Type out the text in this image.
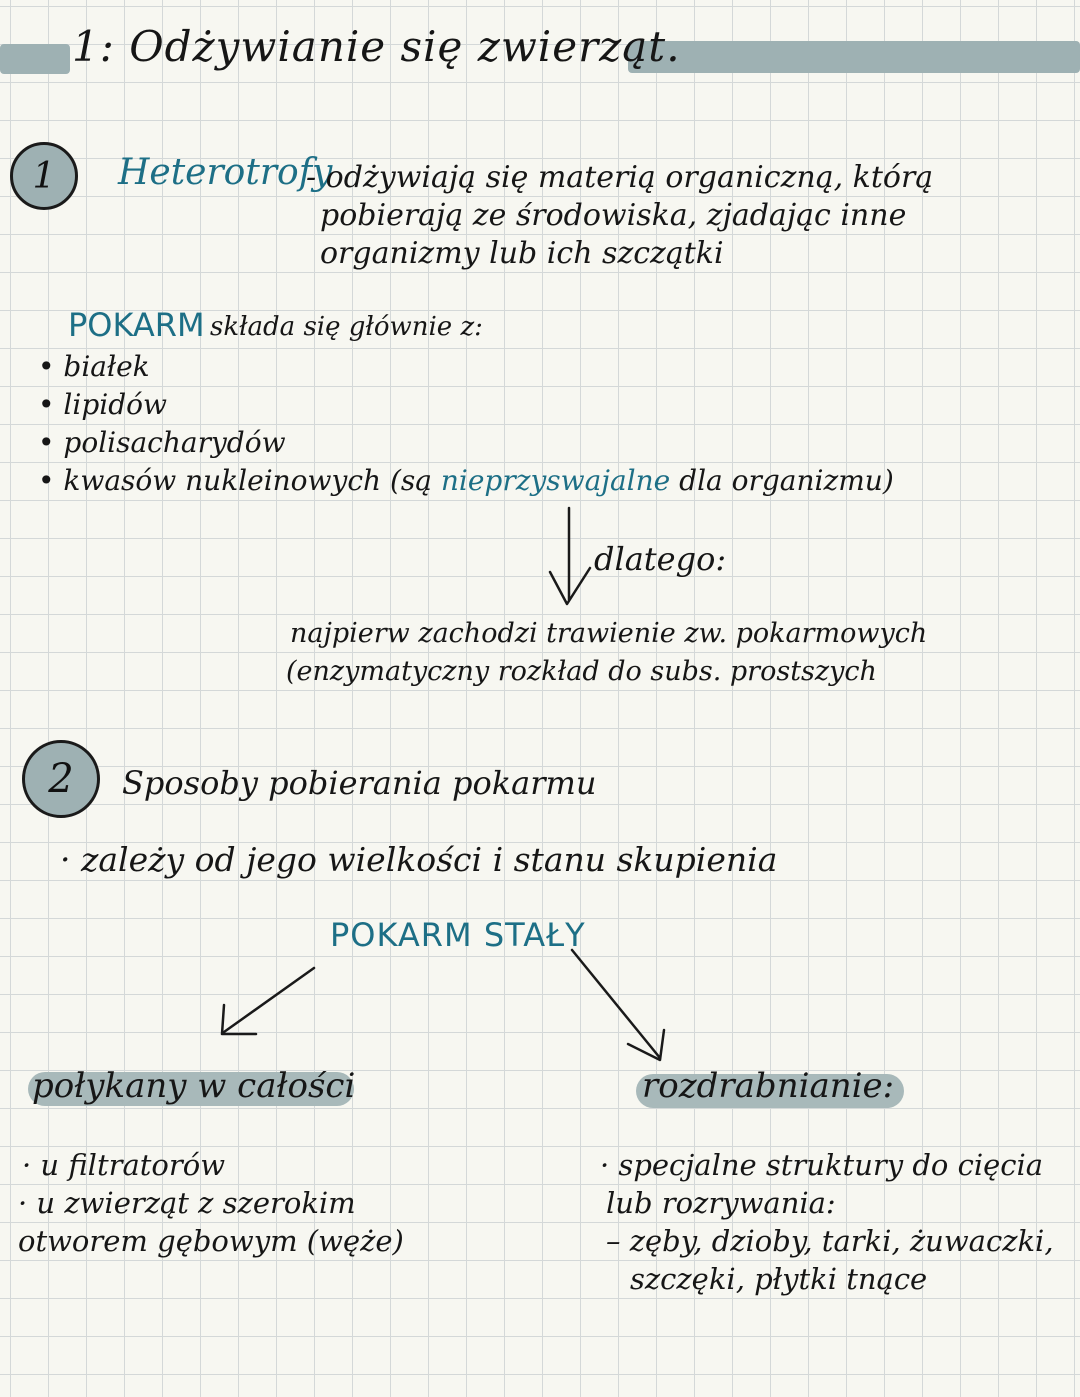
1: Odżywianie się zwierząt.
1	Heterotrofy
- odżywiają się materią organiczną, którą
pobierają ze środowiska, zjadając inne
organizmy lub ich szczątki
POKARM składa się głównie z:
• białek
• lipidów
• polisacharydów
• kwasów nukleinowych (są nieprzyswajalne dla organizmu)
dlatego:
najpierw zachodzi trawienie zw. pokarmowych
(enzymatyczny rozkład do subs. prostszych
2	Sposoby pobierania pokarmu
· zależy od jego wielkości i stanu skupienia
POKARM STAŁY
połykany w całości
· u filtratorów
· u zwierząt z szerokim
otworem gębowym (węże)
rozdrabnianie:
· specjalne struktury do cięcia
lub rozrywania:
– zęby, dzioby, tarki, żuwaczki,
szczęki, płytki tnące
